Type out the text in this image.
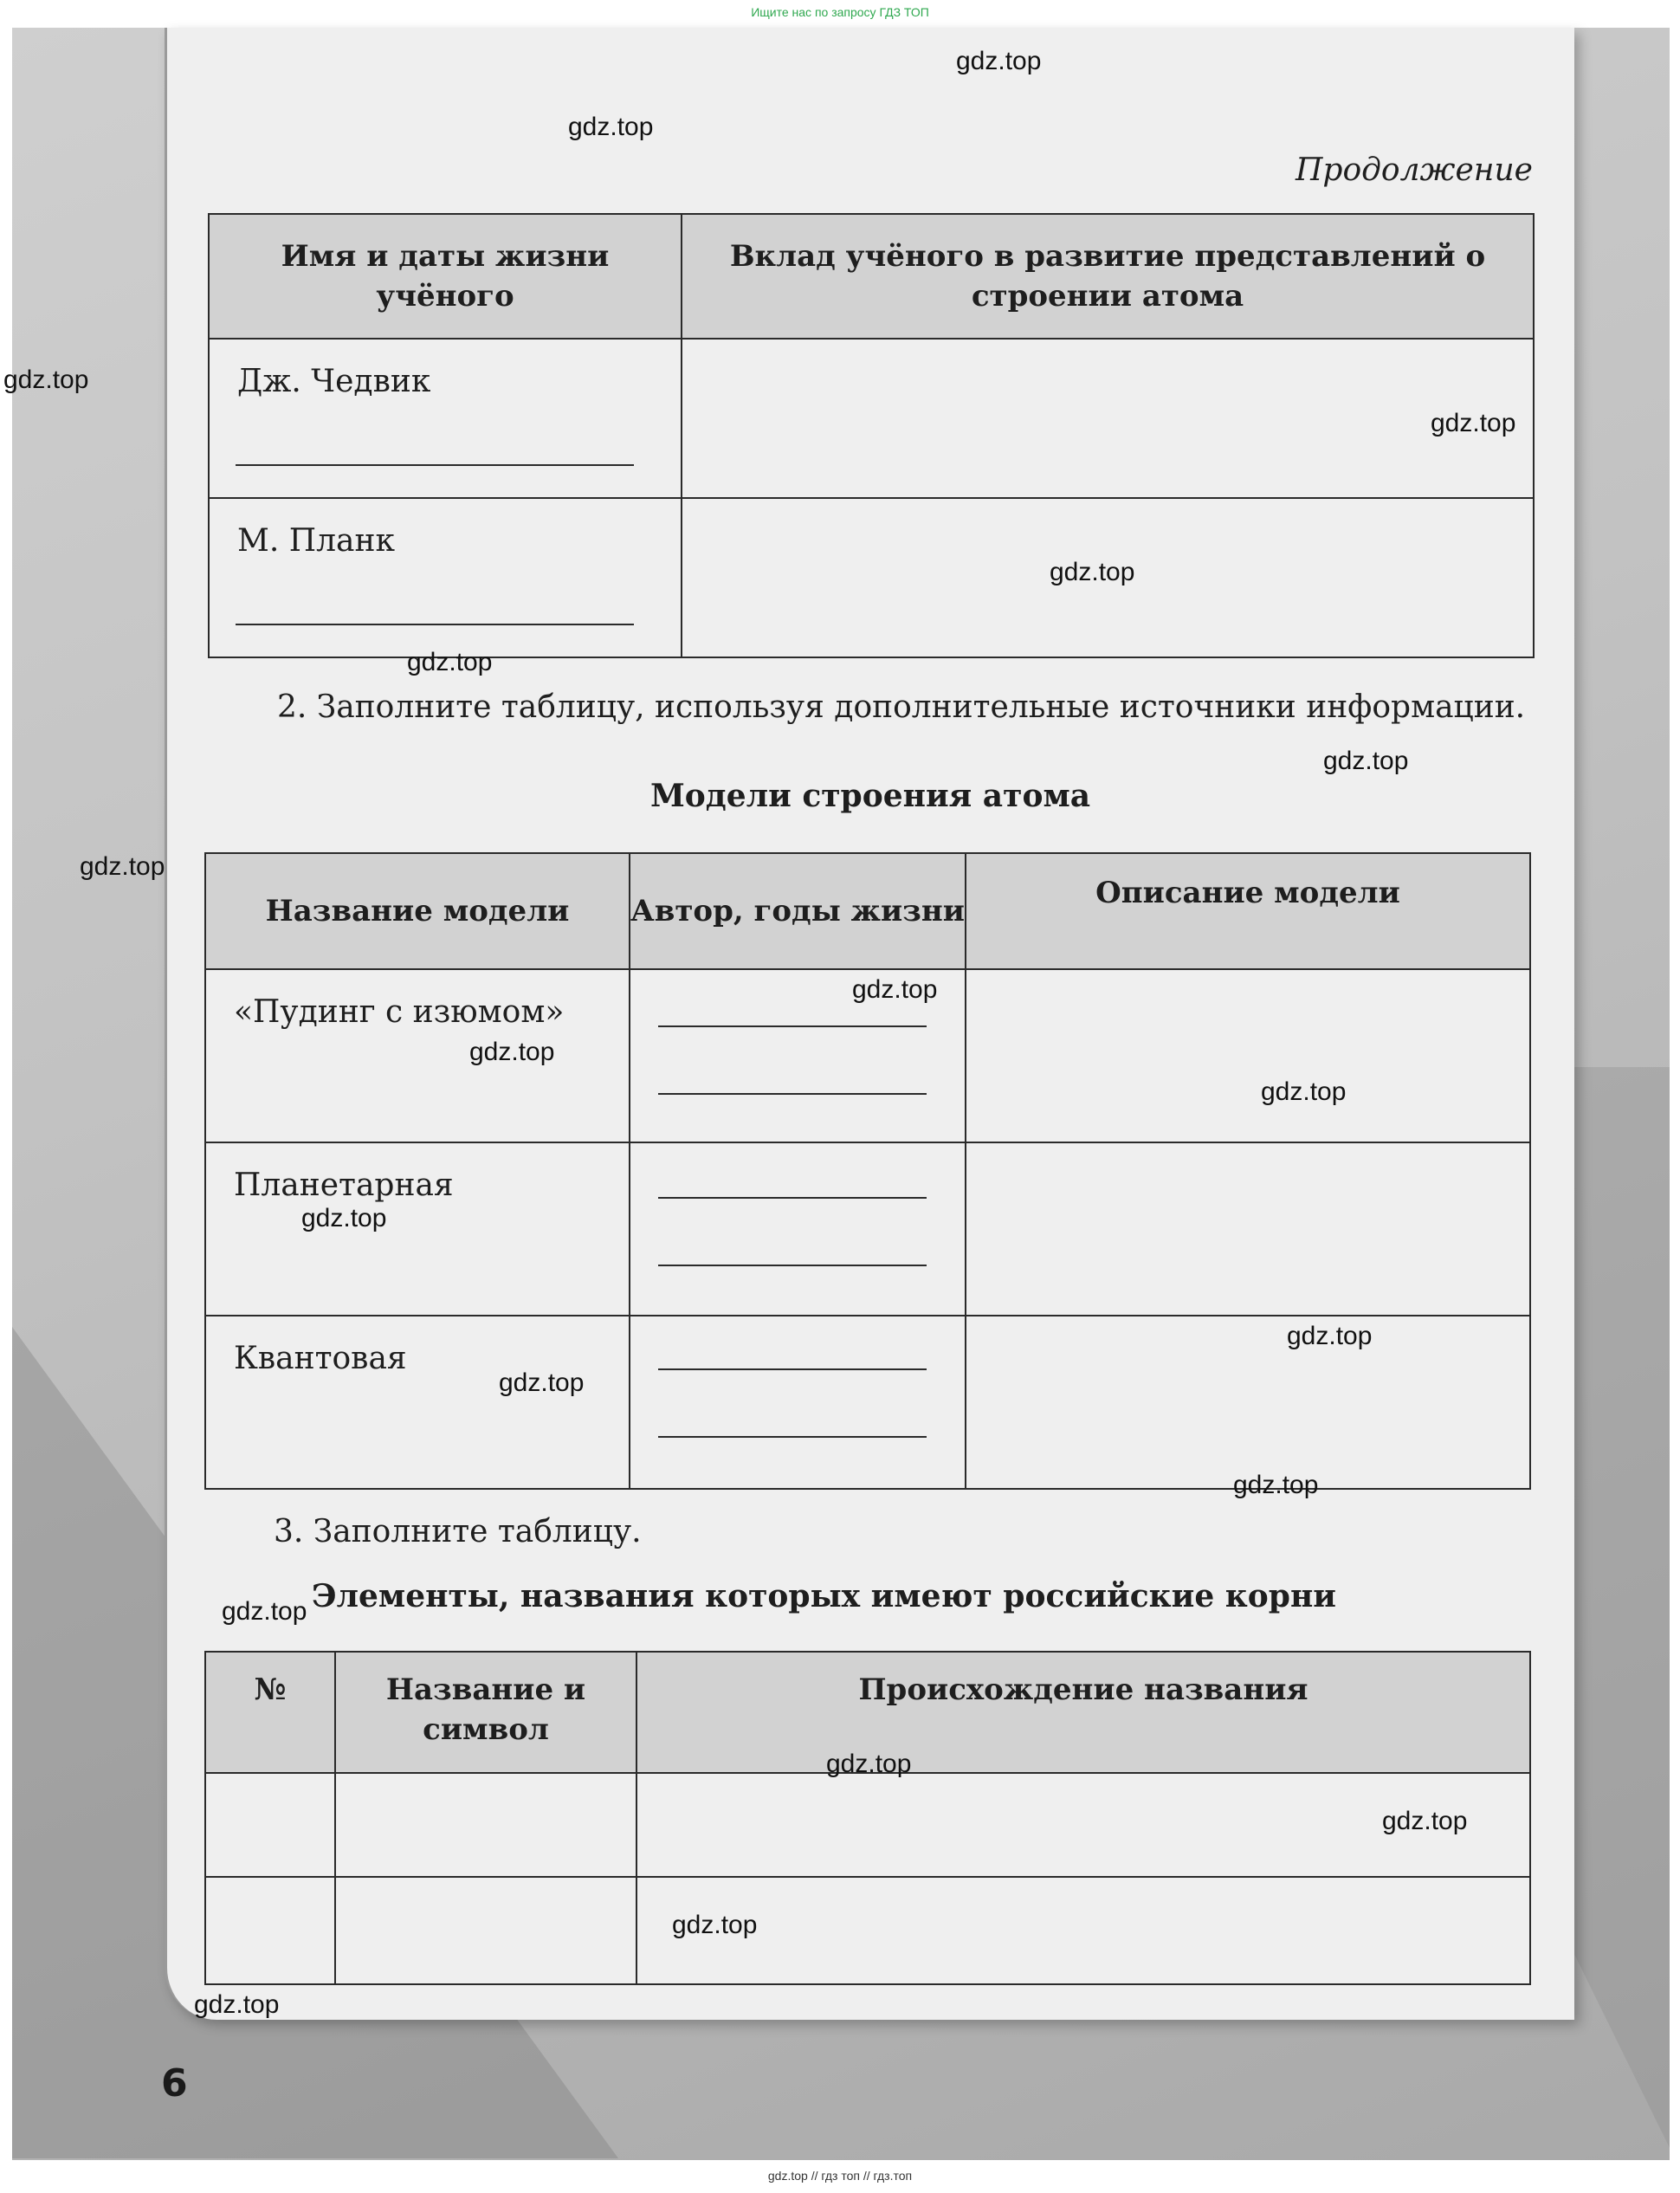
Ищите нас по запросу ГДЗ ТОП
Продолжение
Имя и даты жизни учёного	Вклад учёного в развитие представлений о строении атома

Дж. Чедвик	

М. Планк	

2. Заполните таблицу, используя дополнительные источники информации.
Модели строения атома
Название модели	Автор, годы жизни	Описание модели

«Пудинг с изюмом»		

Планетарная		

Квантовая		

3. Заполните таблицу.
Элементы, названия которых имеют российские корни
№	Название и символ	Происхождение названия

6
gdz.top
gdz.top
gdz.top
gdz.top
gdz.top
gdz.top
gdz.top
gdz.top
gdz.top
gdz.top
gdz.top
gdz.top
gdz.top
gdz.top
gdz.top
gdz.top
gdz.top
gdz.top
gdz.top
gdz.top
gdz.top // гдз топ // гдз.топ
